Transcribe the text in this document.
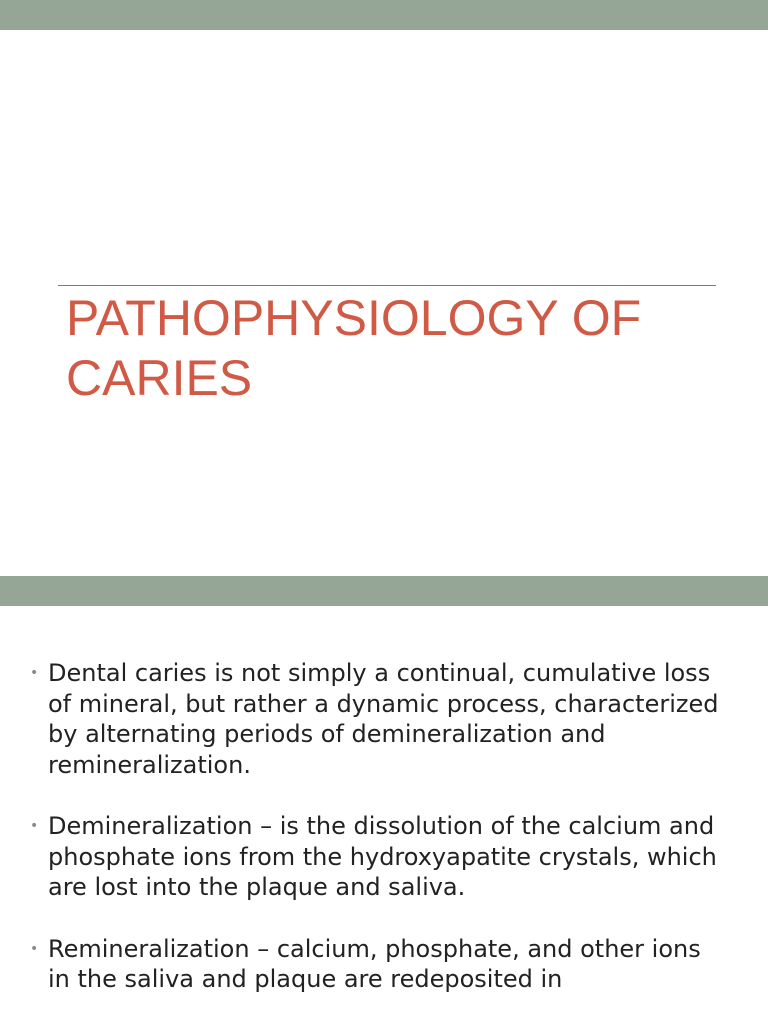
PATHOPHYSIOLOGY OF CARIES
• Dental caries is not simply a continual, cumulative loss of mineral, but rather a dynamic process, characterized by alternating periods of demineralization and remineralization.
• Demineralization – is the dissolution of the calcium and phosphate ions from the hydroxyapatite crystals, which are lost into the plaque and saliva.
• Remineralization – calcium, phosphate, and other ions in the saliva and plaque are redeposited in
